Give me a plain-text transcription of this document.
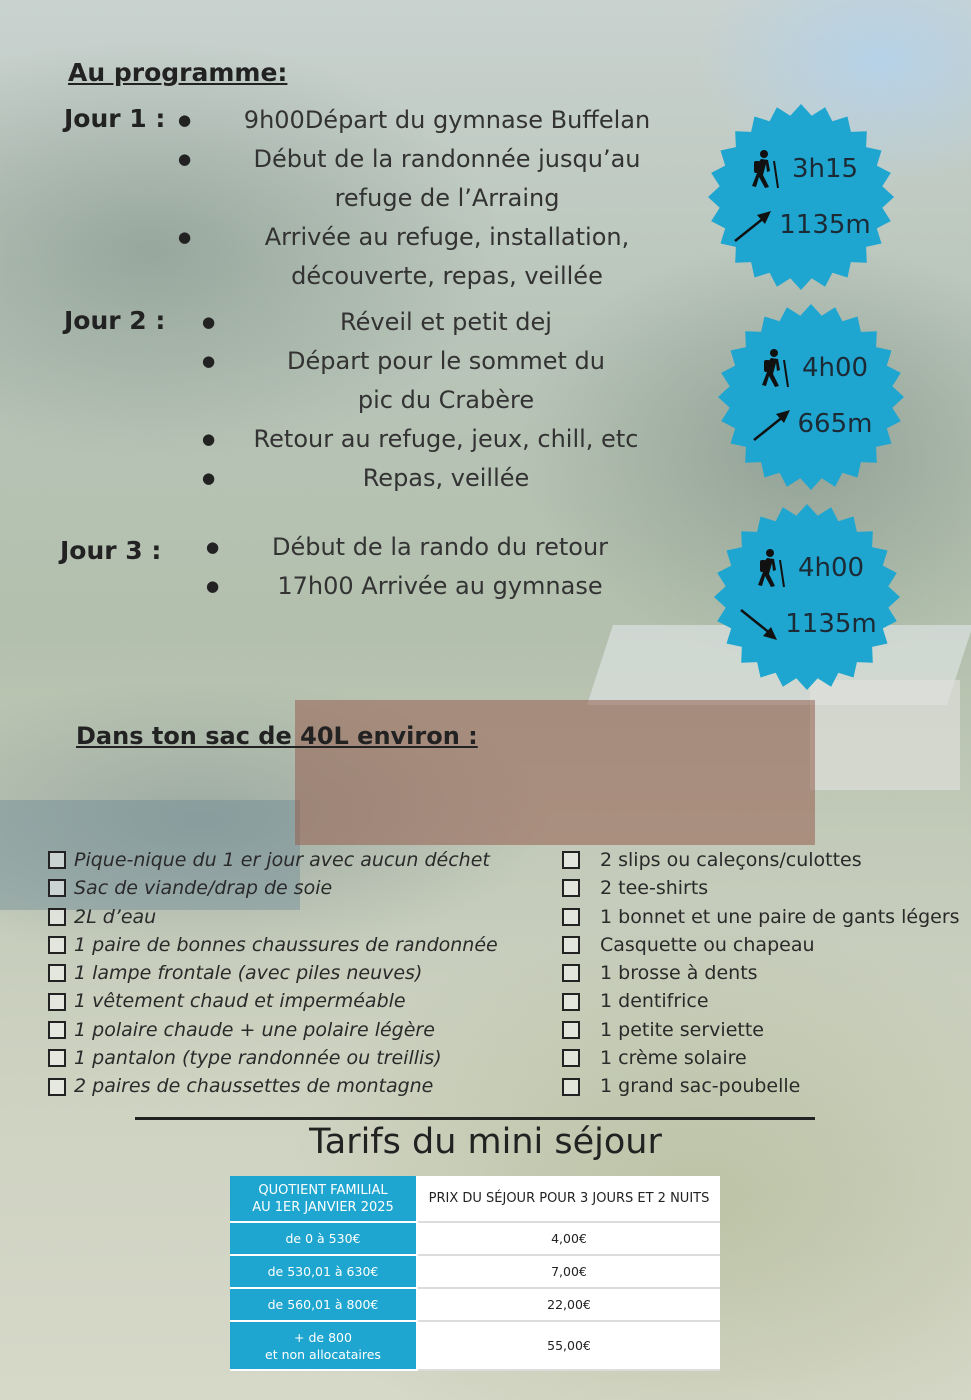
Au programme:
Jour 1 :	● 9h00Départ du gymnase Buffelan
● Début de la randonnée jusqu’au refuge de l’Arraing
● Arrivée au refuge, installation, découverte, repas, veillée
Jour 2 :	● Réveil et petit dej
● Départ pour le sommet du pic du Crabère
● Retour au refuge, jeux, chill, etc
● Repas, veillée
Jour 3 :	● Début de la rando du retour
● 17h00 Arrivée au gymnase
3h15
1135m
4h00
665m
4h00
1135m
Dans ton sac de 40L environ :
Pique-nique du 1 er jour avec aucun déchet
Sac de viande/drap de soie
2L d’eau
1 paire de bonnes chaussures de randonnée
1 lampe frontale (avec piles neuves)
1 vêtement chaud et imperméable
1 polaire chaude + une polaire légère
1 pantalon (type randonnée ou treillis)
2 paires de chaussettes de montagne
2 slips ou caleçons/culottes
2 tee-shirts
1 bonnet et une paire de gants légers
Casquette ou chapeau
1 brosse à dents
1 dentifrice
1 petite serviette
1 crème solaire
1 grand sac-poubelle
Tarifs du mini séjour
QUOTIENT FAMILIAL
AU 1ER JANVIER 2025	PRIX DU SÉJOUR POUR 3 JOURS ET 2 NUITS
de 0 à 530€	4,00€
de 530,01 à 630€	7,00€
de 560,01 à 800€	22,00€

+ de 800
et non allocataires	55,00€
